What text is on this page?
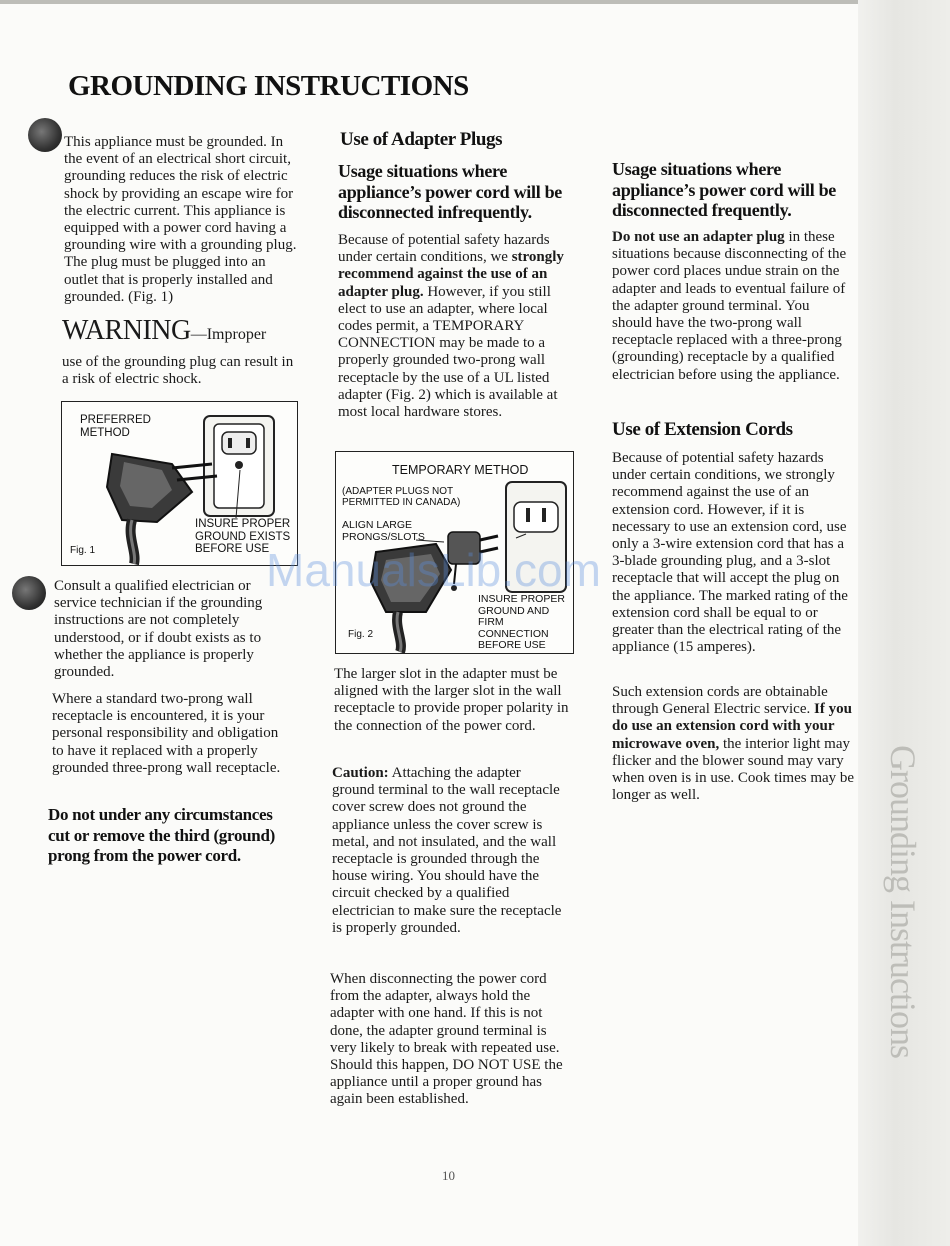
Grounding Instructions
GROUNDING INSTRUCTIONS
This appliance must be grounded. In the event of an electrical short circuit, grounding reduces the risk of electric shock by providing an escape wire for the electric current. This appliance is equipped with a power cord having a grounding wire with a grounding plug. The plug must be plugged into an outlet that is properly installed and grounded. (Fig. 1)
WARNING—Improper
use of the grounding plug can result in a risk of electric shock.
PREFERRED METHOD
INSURE PROPER GROUND EXISTS BEFORE USE
Fig. 1
Consult a qualified electrician or service technician if the grounding instructions are not completely understood, or if doubt exists as to whether the appliance is properly grounded.
Where a standard two-prong wall receptacle is encountered, it is your personal responsibility and obligation to have it replaced with a properly grounded three-prong wall receptacle.
Do not under any circumstances cut or remove the third (ground) prong from the power cord.
Use of Adapter Plugs
Usage situations where appliance’s power cord will be disconnected infrequently.
Because of potential safety hazards under certain conditions, we strongly recommend against the use of an adapter plug. However, if you still elect to use an adapter, where local codes permit, a TEMPORARY CONNECTION may be made to a properly grounded two-prong wall receptacle by the use of a UL listed adapter (Fig. 2) which is available at most local hardware stores.
TEMPORARY METHOD
(ADAPTER PLUGS NOT PERMITTED IN CANADA)
ALIGN LARGE PRONGS/SLOTS
INSURE PROPER GROUND AND FIRM CONNECTION BEFORE USE
Fig. 2
The larger slot in the adapter must be aligned with the larger slot in the wall receptacle to provide proper polarity in the connection of the power cord.
Caution: Attaching the adapter ground terminal to the wall receptacle cover screw does not ground the appliance unless the cover screw is metal, and not insulated, and the wall receptacle is grounded through the house wiring. You should have the circuit checked by a qualified electrician to make sure the receptacle is properly grounded.
When disconnecting the power cord from the adapter, always hold the adapter with one hand. If this is not done, the adapter ground terminal is very likely to break with repeated use. Should this happen, DO NOT USE the appliance until a proper ground has again been established.
Usage situations where appliance’s power cord will be disconnected frequently.
Do not use an adapter plug in these situations because disconnecting of the power cord places undue strain on the adapter and leads to eventual failure of the adapter ground terminal. You should have the two-prong wall receptacle replaced with a three-prong (grounding) receptacle by a qualified electrician before using the appliance.
Use of Extension Cords
Because of potential safety hazards under certain conditions, we strongly recommend against the use of an extension cord. However, if it is necessary to use an extension cord, use only a 3-wire extension cord that has a 3-blade grounding plug, and a 3-slot receptacle that will accept the plug on the appliance. The marked rating of the extension cord shall be equal to or greater than the electrical rating of the appliance (15 amperes).
Such extension cords are obtainable through General Electric service. If you do use an extension cord with your microwave oven, the interior light may flicker and the blower sound may vary when oven is in use. Cook times may be longer as well.
ManualsLib.com
10
